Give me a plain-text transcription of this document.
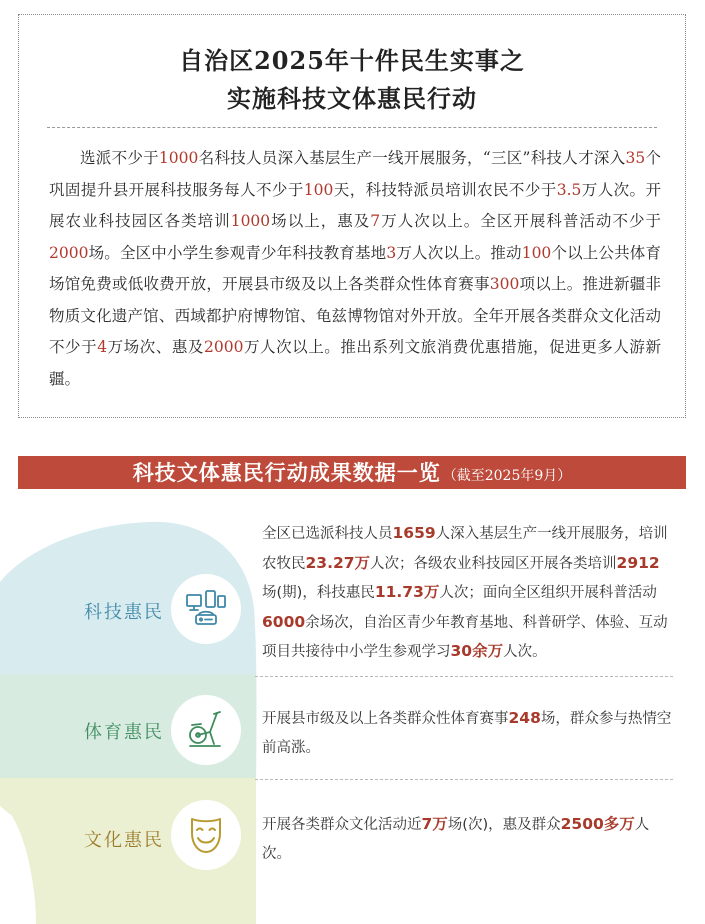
自治区2025年十件民生实事之
实施科技文体惠民行动
选派不少于1000名科技人员深入基层生产一线开展服务，“三区”科技人才深入35个巩固提升县开展科技服务每人不少于100天，科技特派员培训农民不少于3.5万人次。开展农业科技园区各类培训1000场以上，惠及7万人次以上。全区开展科普活动不少于2000场。全区中小学生参观青少年科技教育基地3万人次以上。推动100个以上公共体育场馆免费或低收费开放，开展县市级及以上各类群众性体育赛事300项以上。推进新疆非物质文化遗产馆、西域都护府博物馆、龟兹博物馆对外开放。全年开展各类群众文化活动不少于4万场次、惠及2000万人次以上。推出系列文旅消费优惠措施，促进更多人游新疆。
科技文体惠民行动成果数据一览 （截至2025年9月）
科技惠民
体育惠民
文化惠民
全区已选派科技人员1659人深入基层生产一线开展服务，培训农牧民23.27万人次；各级农业科技园区开展各类培训2912场(期)，科技惠民11.73万人次；面向全区组织开展科普活动6000余场次，自治区青少年教育基地、科普研学、体验、互动项目共接待中小学生参观学习30余万人次。
开展县市级及以上各类群众性体育赛事248场，群众参与热情空前高涨。
开展各类群众文化活动近7万场(次)，惠及群众2500多万人次。
